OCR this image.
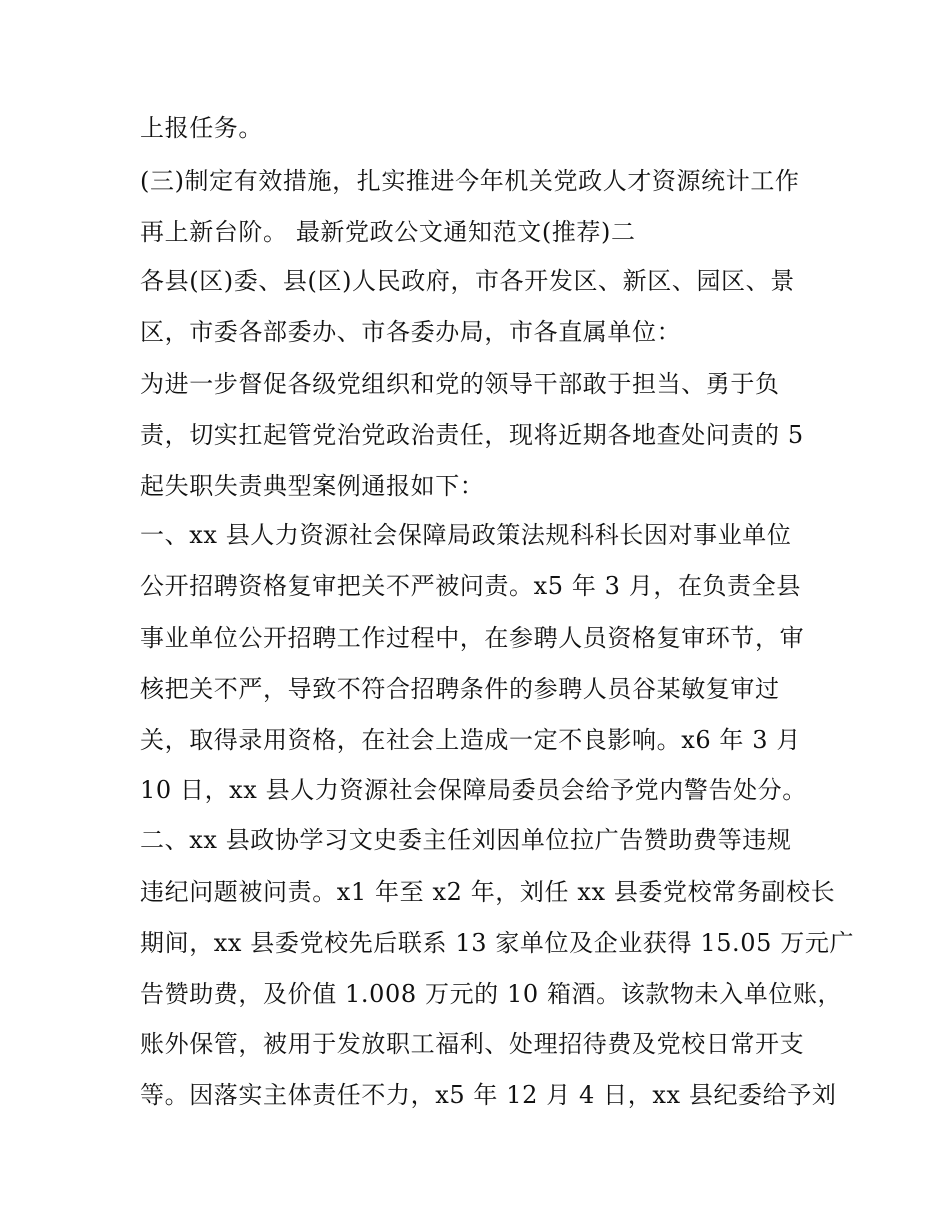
上报任务。
(三)制定有效措施，扎实推进今年机关党政人才资源统计工作
再上新台阶。 最新党政公文通知范文(推荐)二
各县(区)委、县(区)人民政府，市各开发区、新区、园区、景
区，市委各部委办、市各委办局，市各直属单位：
为进一步督促各级党组织和党的领导干部敢于担当、勇于负
责，切实扛起管党治党政治责任，现将近期各地查处问责的 5
起失职失责典型案例通报如下：
一、xx 县人力资源社会保障局政策法规科科长因对事业单位
公开招聘资格复审把关不严被问责。x5 年 3 月，在负责全县
事业单位公开招聘工作过程中，在参聘人员资格复审环节，审
核把关不严，导致不符合招聘条件的参聘人员谷某敏复审过
关，取得录用资格，在社会上造成一定不良影响。x6 年 3 月
10 日，xx 县人力资源社会保障局委员会给予党内警告处分。
二、xx 县政协学习文史委主任刘因单位拉广告赞助费等违规
违纪问题被问责。x1 年至 x2 年，刘任 xx 县委党校常务副校长
期间，xx 县委党校先后联系 13 家单位及企业获得 15.05 万元广
告赞助费，及价值 1.008 万元的 10 箱酒。该款物未入单位账，
账外保管，被用于发放职工福利、处理招待费及党校日常开支
等。因落实主体责任不力，x5 年 12 月 4 日，xx 县纪委给予刘
